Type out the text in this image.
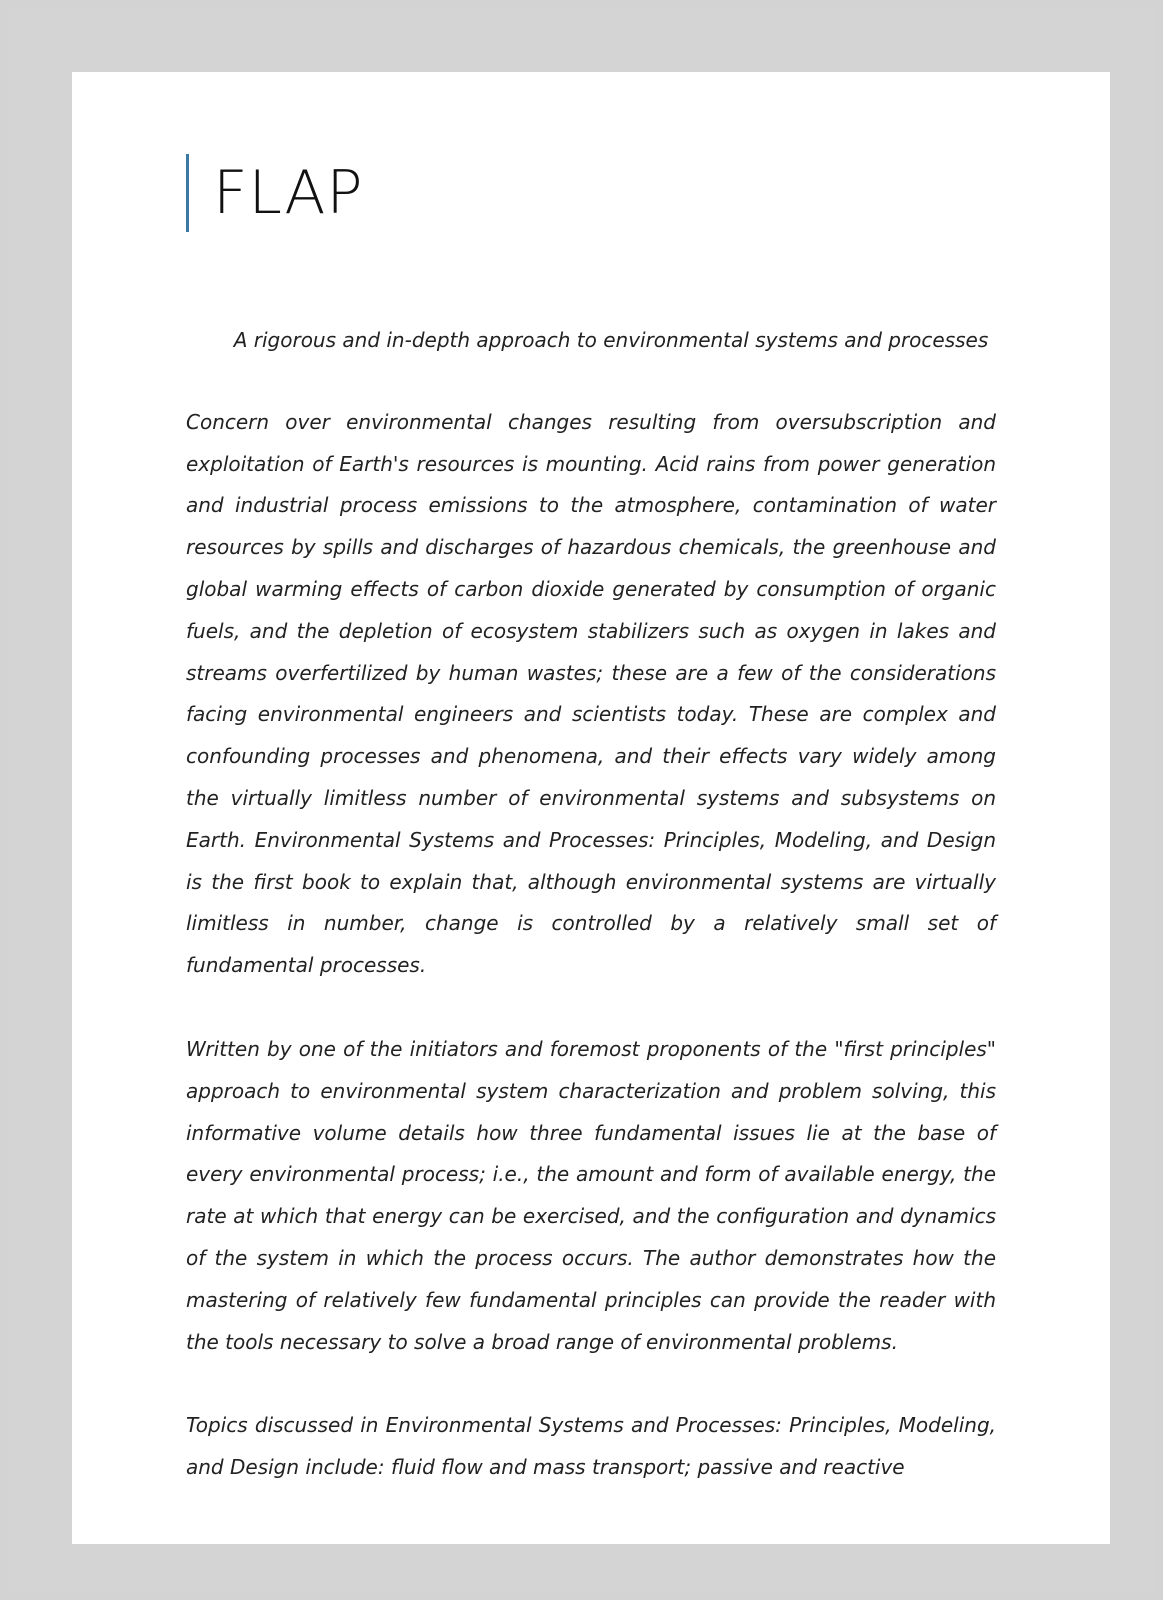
FLAP

A rigorous and in-depth approach to environmental systems and processes

Concern over environmental changes resulting from oversubscription and exploitation of Earth's resources is mounting. Acid rains from power generation and industrial process emissions to the atmosphere, contamination of water resources by spills and discharges of hazardous chemicals, the greenhouse and global warming effects of carbon dioxide generated by consumption of organic fuels, and the depletion of ecosystem stabilizers such as oxygen in lakes and streams overfertilized by human wastes; these are a few of the considerations facing environmental engineers and scientists today. These are complex and confounding processes and phenomena, and their effects vary widely among the virtually limitless number of environmental systems and subsystems on Earth. Environmental Systems and Processes: Principles, Modeling, and Design is the first book to explain that, although environmental systems are virtually limitless in number, change is controlled by a relatively small set of fundamental processes.

Written by one of the initiators and foremost proponents of the "first principles" approach to environmental system characterization and problem solving, this informative volume details how three fundamental issues lie at the base of every environmental process; i.e., the amount and form of available energy, the rate at which that energy can be exercised, and the configuration and dynamics of the system in which the process occurs. The author demonstrates how the mastering of relatively few fundamental principles can provide the reader with the tools necessary to solve a broad range of environmental problems.

Topics discussed in Environmental Systems and Processes: Principles, Modeling, and Design include: fluid flow and mass transport; passive and reactive
